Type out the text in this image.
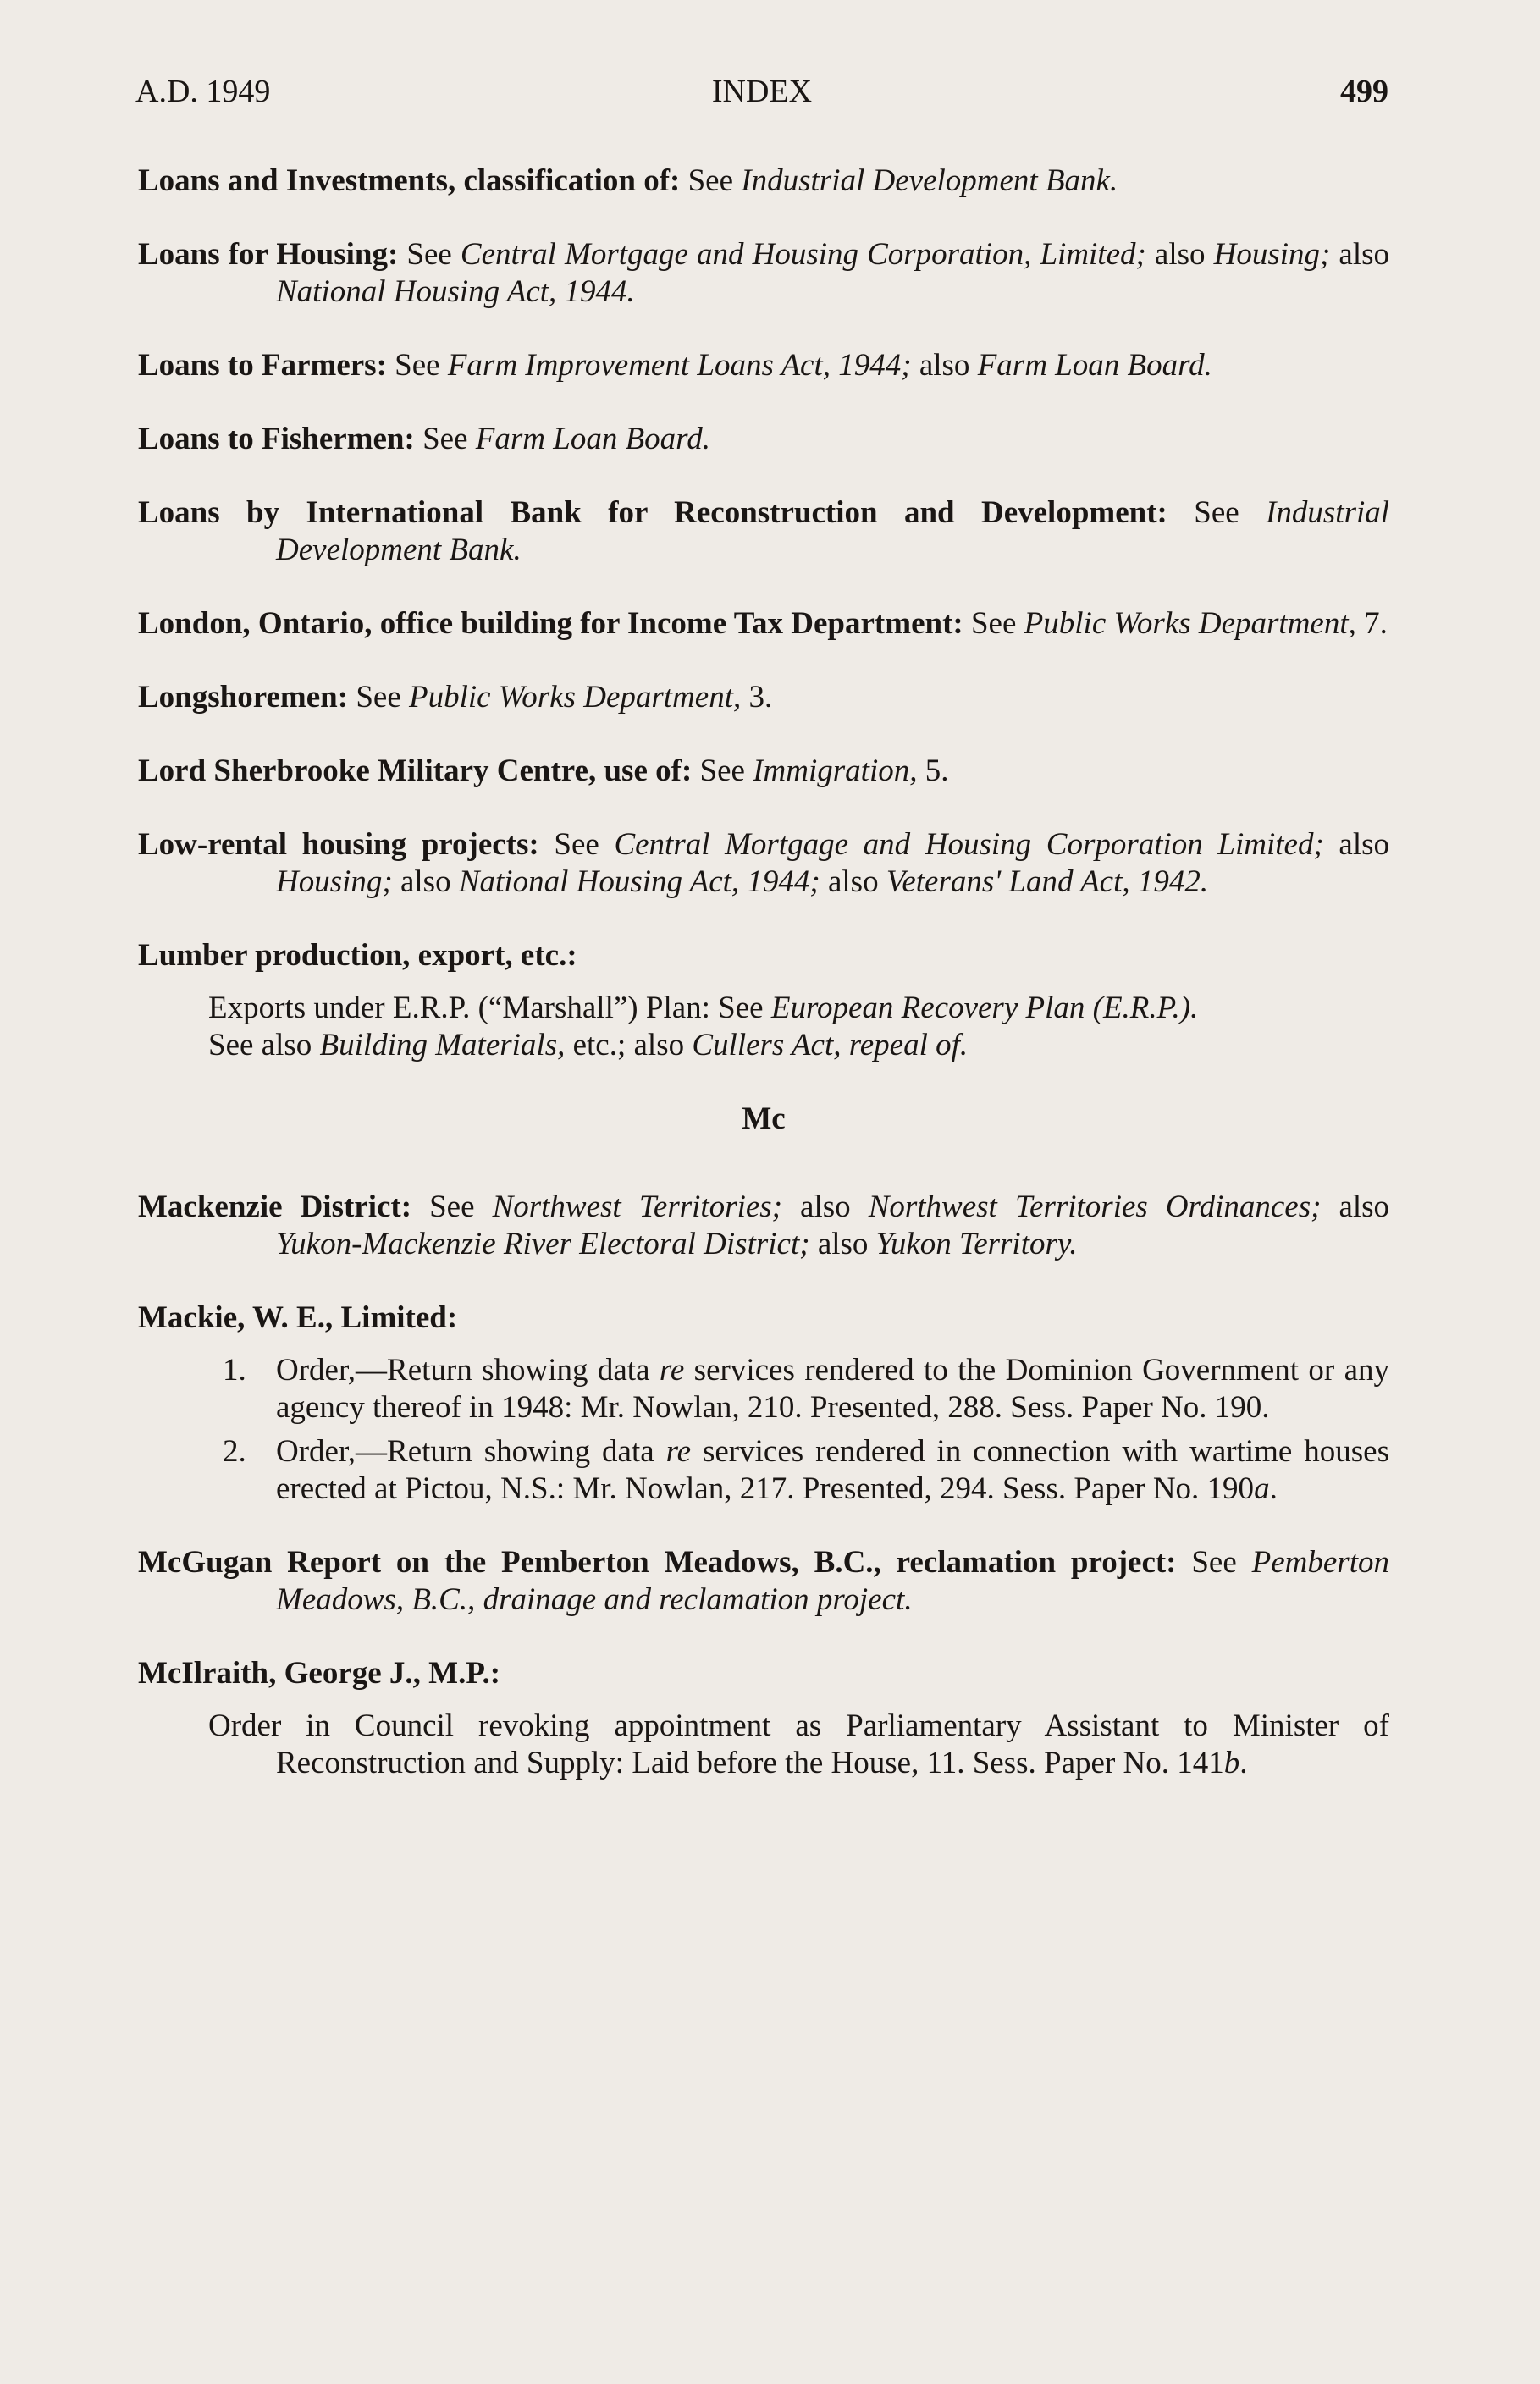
A.D. 1949	INDEX	499

Loans and Investments, classification of: See Industrial Development Bank.

Loans for Housing: See Central Mortgage and Housing Corporation, Limited; also Housing; also National Housing Act, 1944.

Loans to Farmers: See Farm Improvement Loans Act, 1944; also Farm Loan Board.

Loans to Fishermen: See Farm Loan Board.

Loans by International Bank for Reconstruction and Development: See Industrial Development Bank.

London, Ontario, office building for Income Tax Department: See Public Works Department, 7.

Longshoremen: See Public Works Department, 3.

Lord Sherbrooke Military Centre, use of: See Immigration, 5.

Low-rental housing projects: See Central Mortgage and Housing Corporation Limited; also Housing; also National Housing Act, 1944; also Veterans' Land Act, 1942.

Lumber production, export, etc.:

Exports under E.R.P. (“Marshall”) Plan: See European Recovery Plan (E.R.P.).

See also Building Materials, etc.; also Cullers Act, repeal of.

Mc

Mackenzie District: See Northwest Territories; also Northwest Territories Ordinances; also Yukon-Mackenzie River Electoral District; also Yukon Territory.

Mackie, W. E., Limited:

1. Order,—Return showing data re services rendered to the Dominion Government or any agency thereof in 1948: Mr. Nowlan, 210. Presented, 288. Sess. Paper No. 190.
2. Order,—Return showing data re services rendered in connection with wartime houses erected at Pictou, N.S.: Mr. Nowlan, 217. Presented, 294. Sess. Paper No. 190a.

McGugan Report on the Pemberton Meadows, B.C., reclamation project: See Pemberton Meadows, B.C., drainage and reclamation project.

McIlraith, George J., M.P.:

Order in Council revoking appointment as Parliamentary Assistant to Minister of Reconstruction and Supply: Laid before the House, 11. Sess. Paper No. 141b.
